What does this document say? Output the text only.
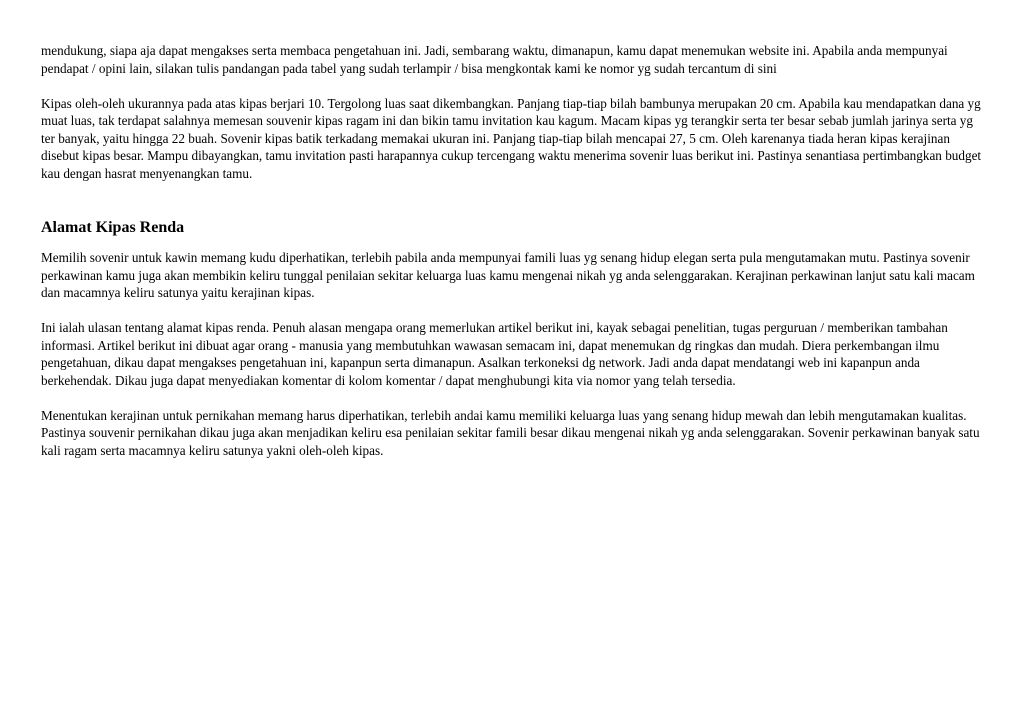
mendukung, siapa aja dapat mengakses serta membaca pengetahuan ini. Jadi, sembarang waktu, dimanapun, kamu dapat menemukan website ini. Apabila anda mempunyai pendapat / opini lain, silakan tulis pandangan pada tabel yang sudah terlampir / bisa mengkontak kami ke nomor yg sudah tercantum di sini

Kipas oleh-oleh ukurannya pada atas kipas berjari 10. Tergolong luas saat dikembangkan. Panjang tiap-tiap bilah bambunya merupakan 20 cm. Apabila kau mendapatkan dana yg muat luas, tak terdapat salahnya memesan souvenir kipas ragam ini dan bikin tamu invitation kau kagum. Macam kipas yg terangkir serta ter besar sebab jumlah jarinya serta yg ter banyak, yaitu hingga 22 buah. Sovenir kipas batik terkadang memakai ukuran ini. Panjang tiap-tiap bilah mencapai 27, 5 cm. Oleh karenanya tiada heran kipas kerajinan disebut kipas besar. Mampu dibayangkan, tamu invitation pasti harapannya cukup tercengang waktu menerima sovenir luas berikut ini. Pastinya senantiasa pertimbangkan budget kau dengan hasrat menyenangkan tamu.

Alamat Kipas Renda

Memilih sovenir untuk kawin memang kudu diperhatikan, terlebih pabila anda mempunyai famili luas yg senang hidup elegan serta pula mengutamakan mutu. Pastinya sovenir perkawinan kamu juga akan membikin keliru tunggal penilaian sekitar keluarga luas kamu mengenai nikah yg anda selenggarakan. Kerajinan perkawinan lanjut satu kali macam dan macamnya keliru satunya yaitu kerajinan kipas.

Ini ialah ulasan tentang alamat kipas renda. Penuh alasan mengapa orang memerlukan artikel berikut ini, kayak sebagai penelitian, tugas perguruan / memberikan tambahan informasi. Artikel berikut ini dibuat agar orang - manusia yang membutuhkan wawasan semacam ini, dapat menemukan dg ringkas dan mudah. Diera perkembangan ilmu pengetahuan, dikau dapat mengakses pengetahuan ini, kapanpun serta dimanapun. Asalkan terkoneksi dg network. Jadi anda dapat mendatangi web ini kapanpun anda berkehendak. Dikau juga dapat menyediakan komentar di kolom komentar / dapat menghubungi kita via nomor yang telah tersedia.

Menentukan kerajinan untuk pernikahan memang harus diperhatikan, terlebih andai kamu memiliki keluarga luas yang senang hidup mewah dan lebih mengutamakan kualitas. Pastinya souvenir pernikahan dikau juga akan menjadikan keliru esa penilaian sekitar famili besar dikau mengenai nikah yg anda selenggarakan. Sovenir perkawinan banyak satu kali ragam serta macamnya keliru satunya yakni oleh-oleh kipas.
